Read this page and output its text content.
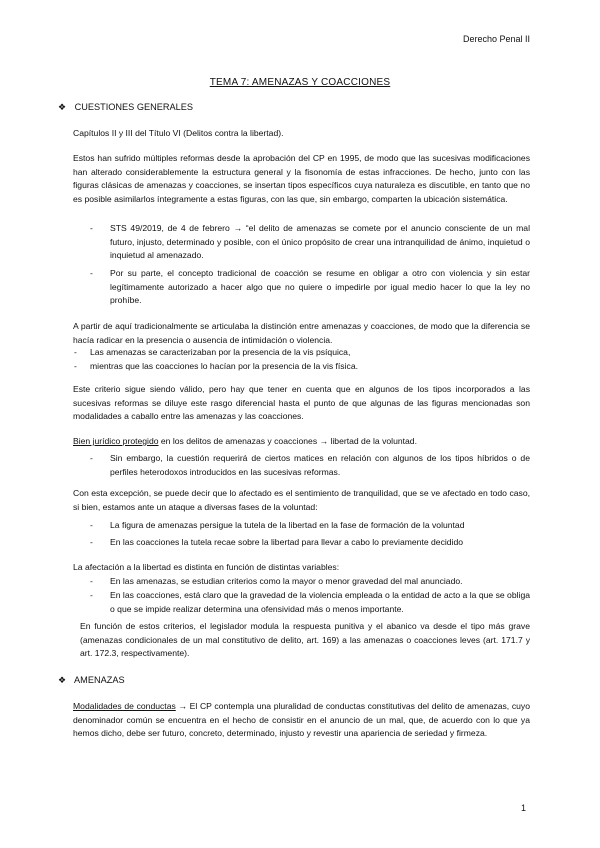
Derecho Penal II
TEMA 7: AMENAZAS Y COACCIONES
❖ CUESTIONES GENERALES
Capítulos II y III del Título VI (Delitos contra la libertad).
Estos han sufrido múltiples reformas desde la aprobación del CP en 1995, de modo que las sucesivas modificaciones han alterado considerablemente la estructura general y la fisonomía de estas infracciones. De hecho, junto con las figuras clásicas de amenazas y coacciones, se insertan tipos específicos cuya naturaleza es discutible, en tanto que no es posible asimilarlos íntegramente a estas figuras, con las que, sin embargo, comparten la ubicación sistemática.
- STS 49/2019, de 4 de febrero → “el delito de amenazas se comete por el anuncio consciente de un mal futuro, injusto, determinado y posible, con el único propósito de crear una intranquilidad de ánimo, inquietud o inquietud al amenazado.
- Por su parte, el concepto tradicional de coacción se resume en obligar a otro con violencia y sin estar legítimamente autorizado a hacer algo que no quiere o impedirle por igual medio hacer lo que la ley no prohíbe.
A partir de aquí tradicionalmente se articulaba la distinción entre amenazas y coacciones, de modo que la diferencia se hacía radicar en la presencia o ausencia de intimidación o violencia.
- Las amenazas se caracterizaban por la presencia de la vis psíquica,
- mientras que las coacciones lo hacían por la presencia de la vis física.
Este criterio sigue siendo válido, pero hay que tener en cuenta que en algunos de los tipos incorporados a las sucesivas reformas se diluye este rasgo diferencial hasta el punto de que algunas de las figuras mencionadas son modalidades a caballo entre las amenazas y las coacciones.
Bien jurídico protegido en los delitos de amenazas y coacciones → libertad de la voluntad.
- Sin embargo, la cuestión requerirá de ciertos matices en relación con algunos de los tipos híbridos o de perfiles heterodoxos introducidos en las sucesivas reformas.
Con esta excepción, se puede decir que lo afectado es el sentimiento de tranquilidad, que se ve afectado en todo caso, si bien, estamos ante un ataque a diversas fases de la voluntad:
- La figura de amenazas persigue la tutela de la libertad en la fase de formación de la voluntad
- En las coacciones la tutela recae sobre la libertad para llevar a cabo lo previamente decidido
La afectación a la libertad es distinta en función de distintas variables:
- En las amenazas, se estudian criterios como la mayor o menor gravedad del mal anunciado.
- En las coacciones, está claro que la gravedad de la violencia empleada o la entidad de acto a la que se obliga o que se impide realizar determina una ofensividad más o menos importante.
En función de estos criterios, el legislador modula la respuesta punitiva y el abanico va desde el tipo más grave (amenazas condicionales de un mal constitutivo de delito, art. 169) a las amenazas o coacciones leves (art. 171.7 y art. 172.3, respectivamente).
❖ AMENAZAS
Modalidades de conductas → El CP contempla una pluralidad de conductas constitutivas del delito de amenazas, cuyo denominador común se encuentra en el hecho de consistir en el anuncio de un mal, que, de acuerdo con lo que ya hemos dicho, debe ser futuro, concreto, determinado, injusto y revestir una apariencia de seriedad y firmeza.
1
